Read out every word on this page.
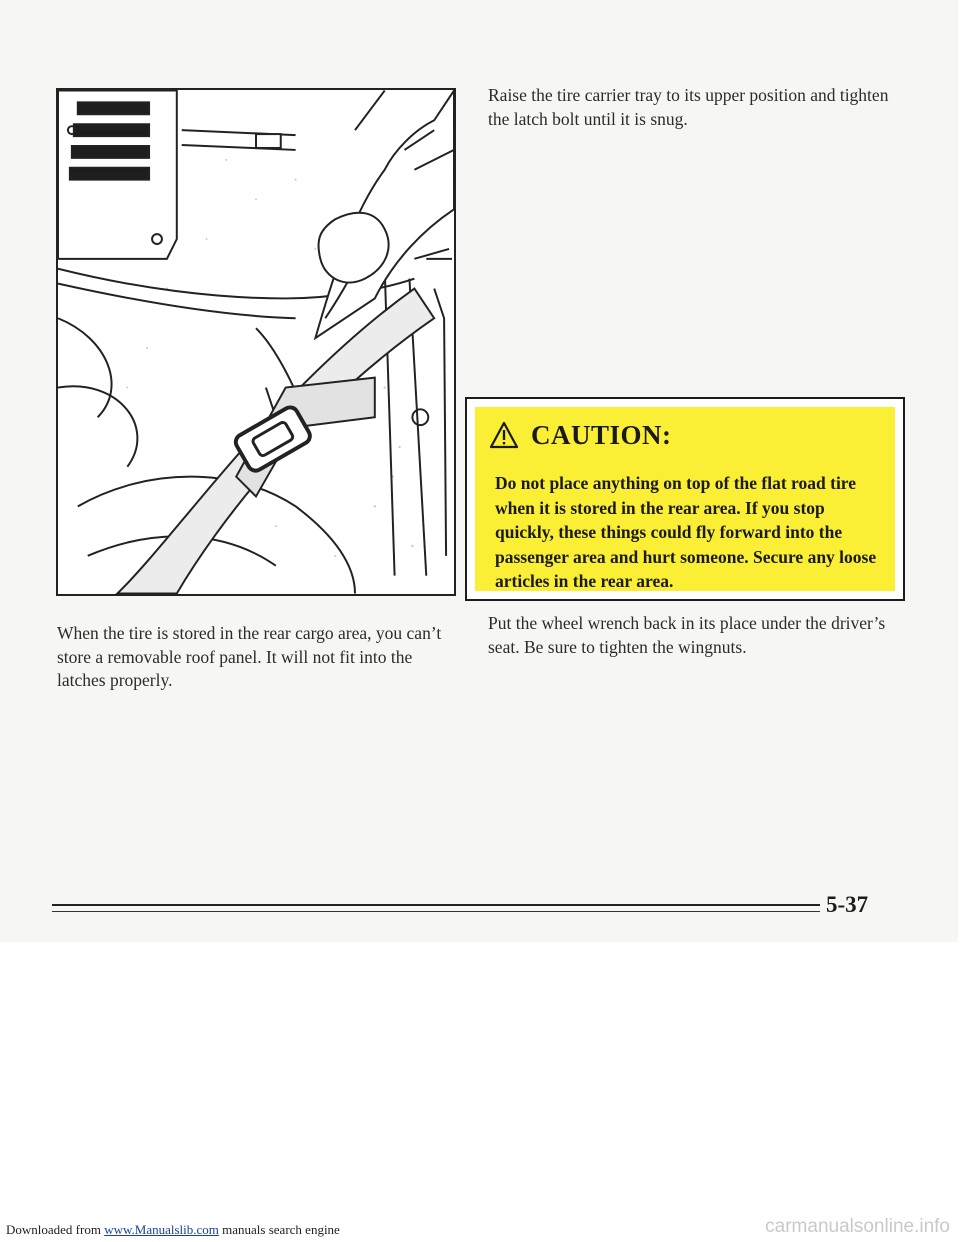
When the tire is stored in the rear cargo area, you can’t store a removable roof panel. It will not fit into the latches properly.

Raise the tire carrier tray to its upper position and tighten the latch bolt until it is snug.

CAUTION:

Do not place anything on top of the flat road tire when it is stored in the rear area. If you stop quickly, these things could fly forward into the passenger area and hurt someone. Secure any loose articles in the rear area.

Put the wheel wrench back in its place under the driver’s seat. Be sure to tighten the wingnuts.

5-37
Downloaded from www.Manualslib.com manuals search engine	carmanualsonline.info
